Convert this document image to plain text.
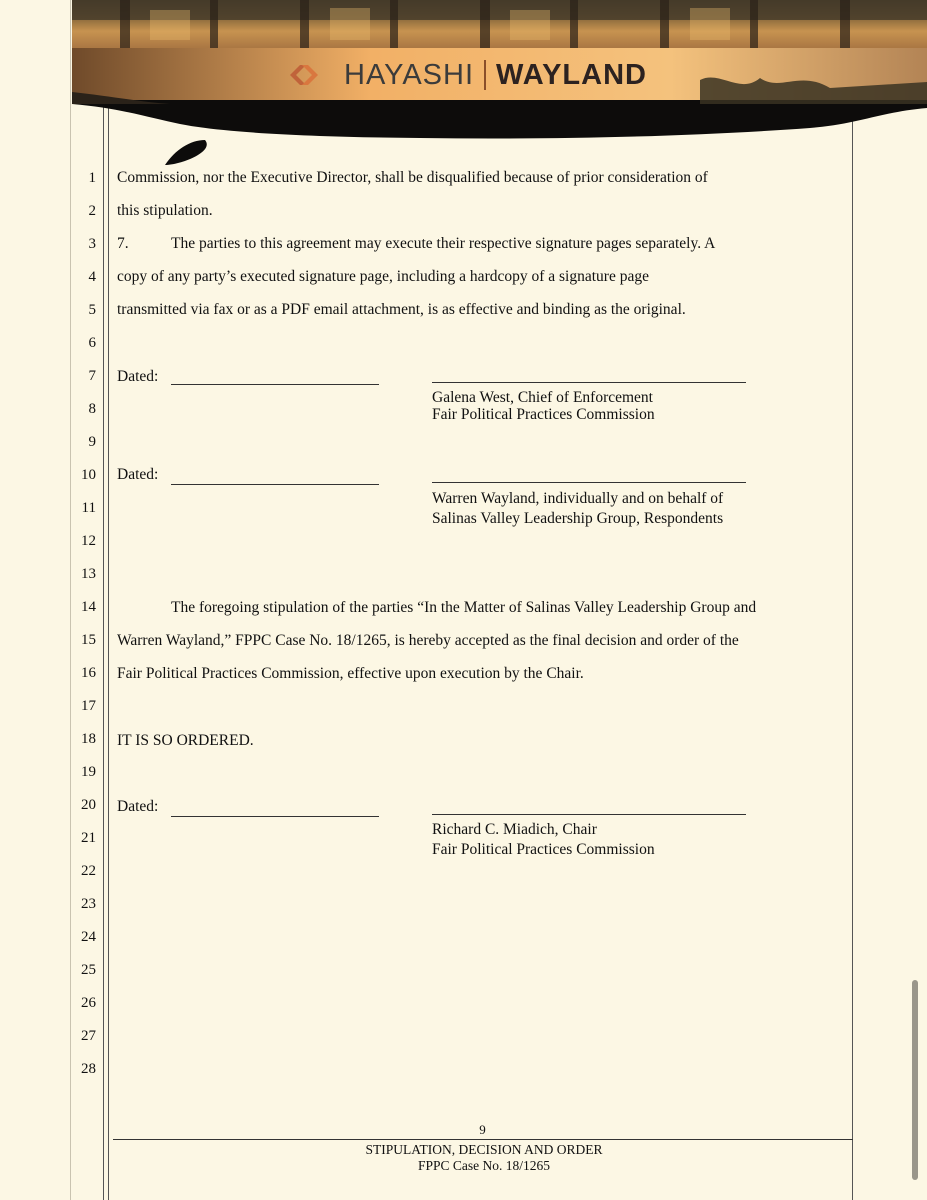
HAYASHI WAYLAND
1
2
3
4
5
6
7
8
9
10
11
12
13
14
15
16
17
18
19
20
21
22
23
24
25
26
27
28
Commission, nor the Executive Director, shall be disqualified because of prior consideration of
this stipulation.
7.	The parties to this agreement may execute their respective signature pages separately. A
copy of any party’s executed signature page, including a hardcopy of a signature page
transmitted via fax or as a PDF email attachment, is as effective and binding as the original.
Dated:
Galena West, Chief of Enforcement
Fair Political Practices Commission
Dated:
Warren Wayland, individually and on behalf of
Salinas Valley Leadership Group, Respondents
The foregoing stipulation of the parties “In the Matter of Salinas Valley Leadership Group and
Warren Wayland,” FPPC Case No. 18/1265, is hereby accepted as the final decision and order of the
Fair Political Practices Commission, effective upon execution by the Chair.
IT IS SO ORDERED.
Dated:
Richard C. Miadich, Chair
Fair Political Practices Commission
9
STIPULATION, DECISION AND ORDER
FPPC Case No. 18/1265
